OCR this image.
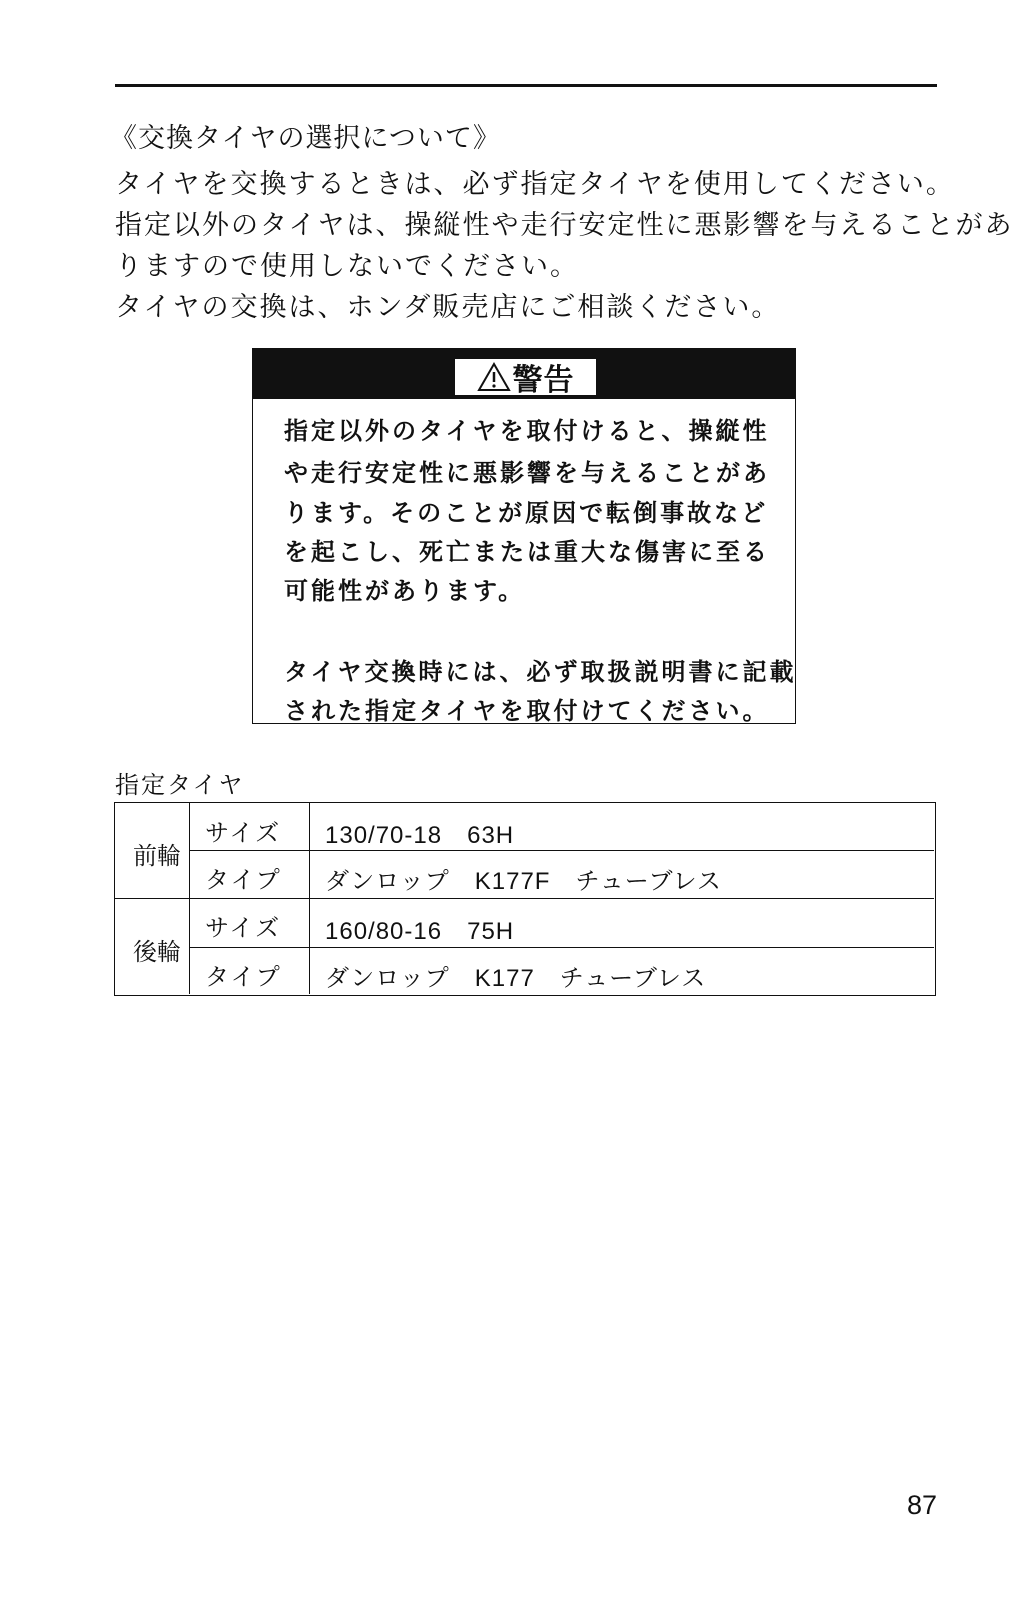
《交換タイヤの選択について》
タイヤを交換するときは、必ず指定タイヤを使用してください。
指定以外のタイヤは、操縦性や走行安定性に悪影響を与えることがあ
りますので使用しないでください。
タイヤの交換は、ホンダ販売店にご相談ください。
警告
指定以外のタイヤを取付けると、操縦性
や走行安定性に悪影響を与えることがあ
ります。そのことが原因で転倒事故など
を起こし、死亡または重大な傷害に至る
可能性があります。
タイヤ交換時には、必ず取扱説明書に記載
された指定タイヤを取付けてください。
指定タイヤ
前輪
サイズ 130/70-18　63H
タイプ ダンロップ　K177F　チューブレス
後輪
サイズ 160/80-16　75H
タイプ ダンロップ　K177　チューブレス
87
